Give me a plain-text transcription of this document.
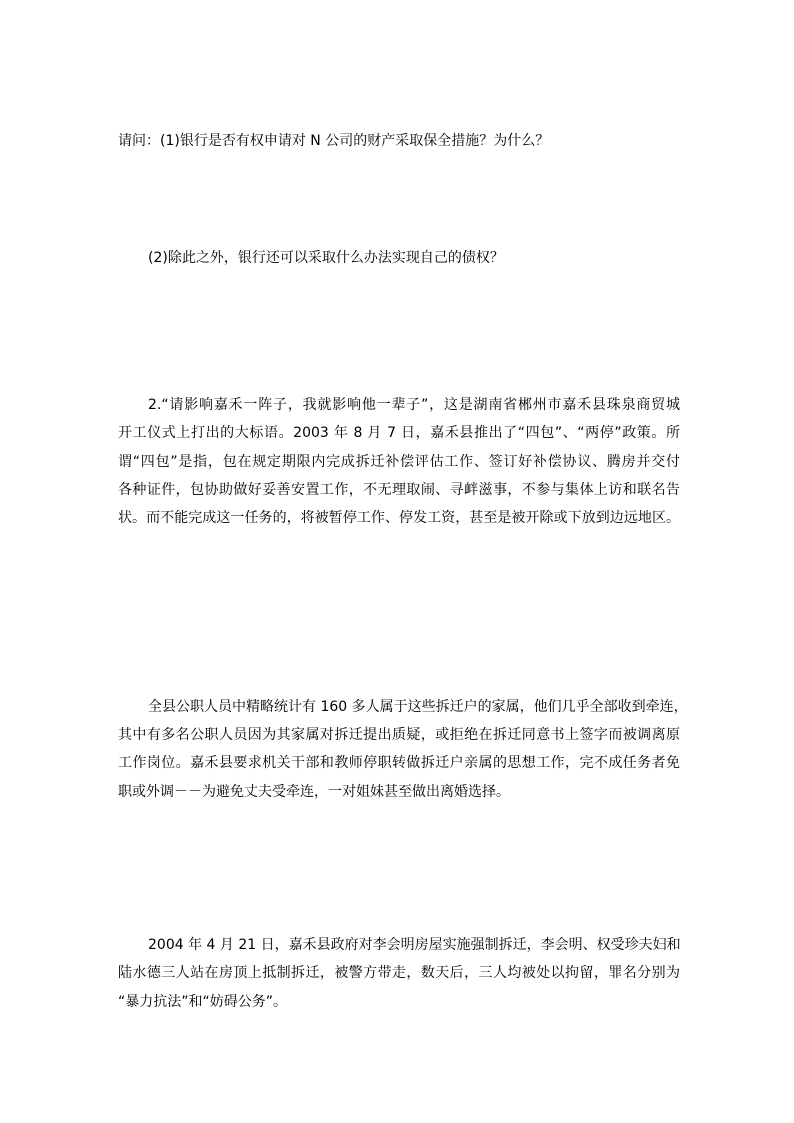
请问：(1)银行是否有权申请对 N 公司的财产采取保全措施？为什么？
(2)除此之外，银行还可以采取什么办法实现自己的债权？
2.“请影响嘉禾一阵子，我就影响他一辈子”，这是湖南省郴州市嘉禾县珠泉商贸城
开工仪式上打出的大标语。2003 年 8 月 7 日，嘉禾县推出了“四包”、“两停”政策。所
谓“四包”是指，包在规定期限内完成拆迁补偿评估工作、签订好补偿协议、腾房并交付
各种证件，包协助做好妥善安置工作，不无理取闹、寻衅滋事，不参与集体上访和联名告
状。而不能完成这一任务的，将被暂停工作、停发工资，甚至是被开除或下放到边远地区。
全县公职人员中精略统计有 160 多人属于这些拆迁户的家属，他们几乎全部收到牵连，
其中有多名公职人员因为其家属对拆迁提出质疑，或拒绝在拆迁同意书上签字而被调离原
工作岗位。嘉禾县要求机关干部和教师停职转做拆迁户亲属的思想工作，完不成任务者免
职或外调－－为避免丈夫受牵连，一对姐妹甚至做出离婚选择。
2004 年 4 月 21 日，嘉禾县政府对李会明房屋实施强制拆迁，李会明、权受珍夫妇和
陆水德三人站在房顶上抵制拆迁，被警方带走，数天后，三人均被处以拘留，罪名分别为
“暴力抗法”和“妨碍公务”。
